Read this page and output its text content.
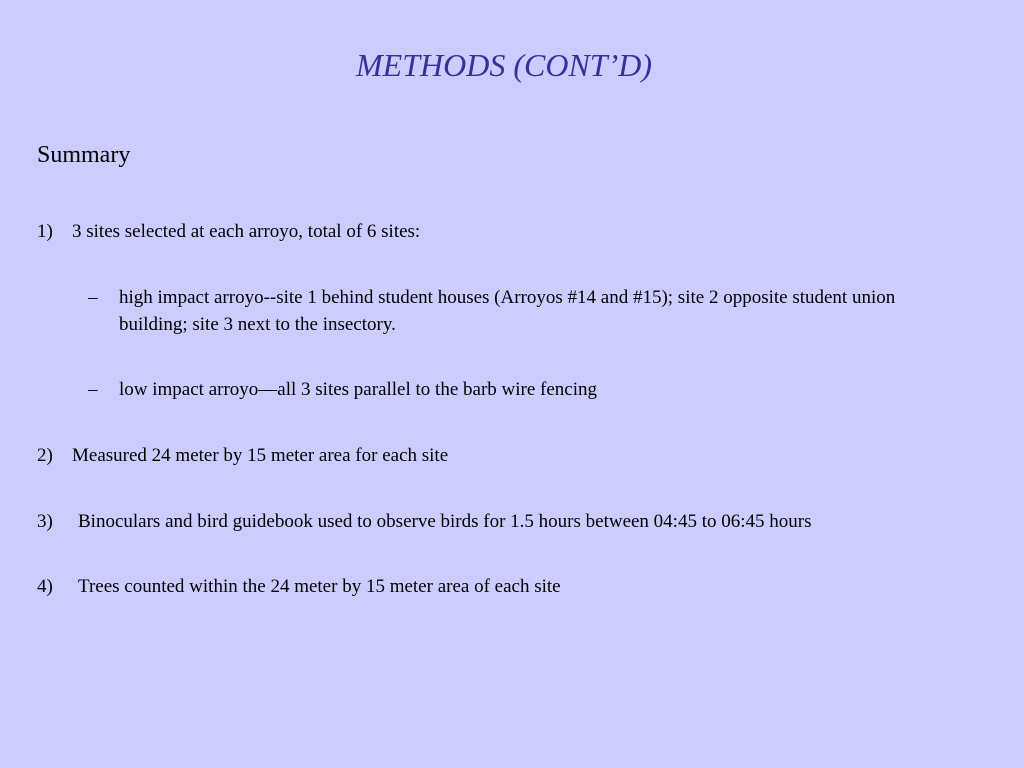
METHODS (CONT’D)
Summary
1) 3 sites selected at each arroyo, total of 6 sites:
– high impact arroyo--site 1 behind student houses (Arroyos #14 and #15); site 2 opposite student union building; site 3 next to the insectory.
– low impact arroyo—all 3 sites parallel to the barb wire fencing
2) Measured 24 meter by 15 meter area for each site
3) Binoculars and bird guidebook used to observe birds for 1.5 hours between 04:45 to 06:45 hours
4) Trees counted within the 24 meter by 15 meter area of each site
